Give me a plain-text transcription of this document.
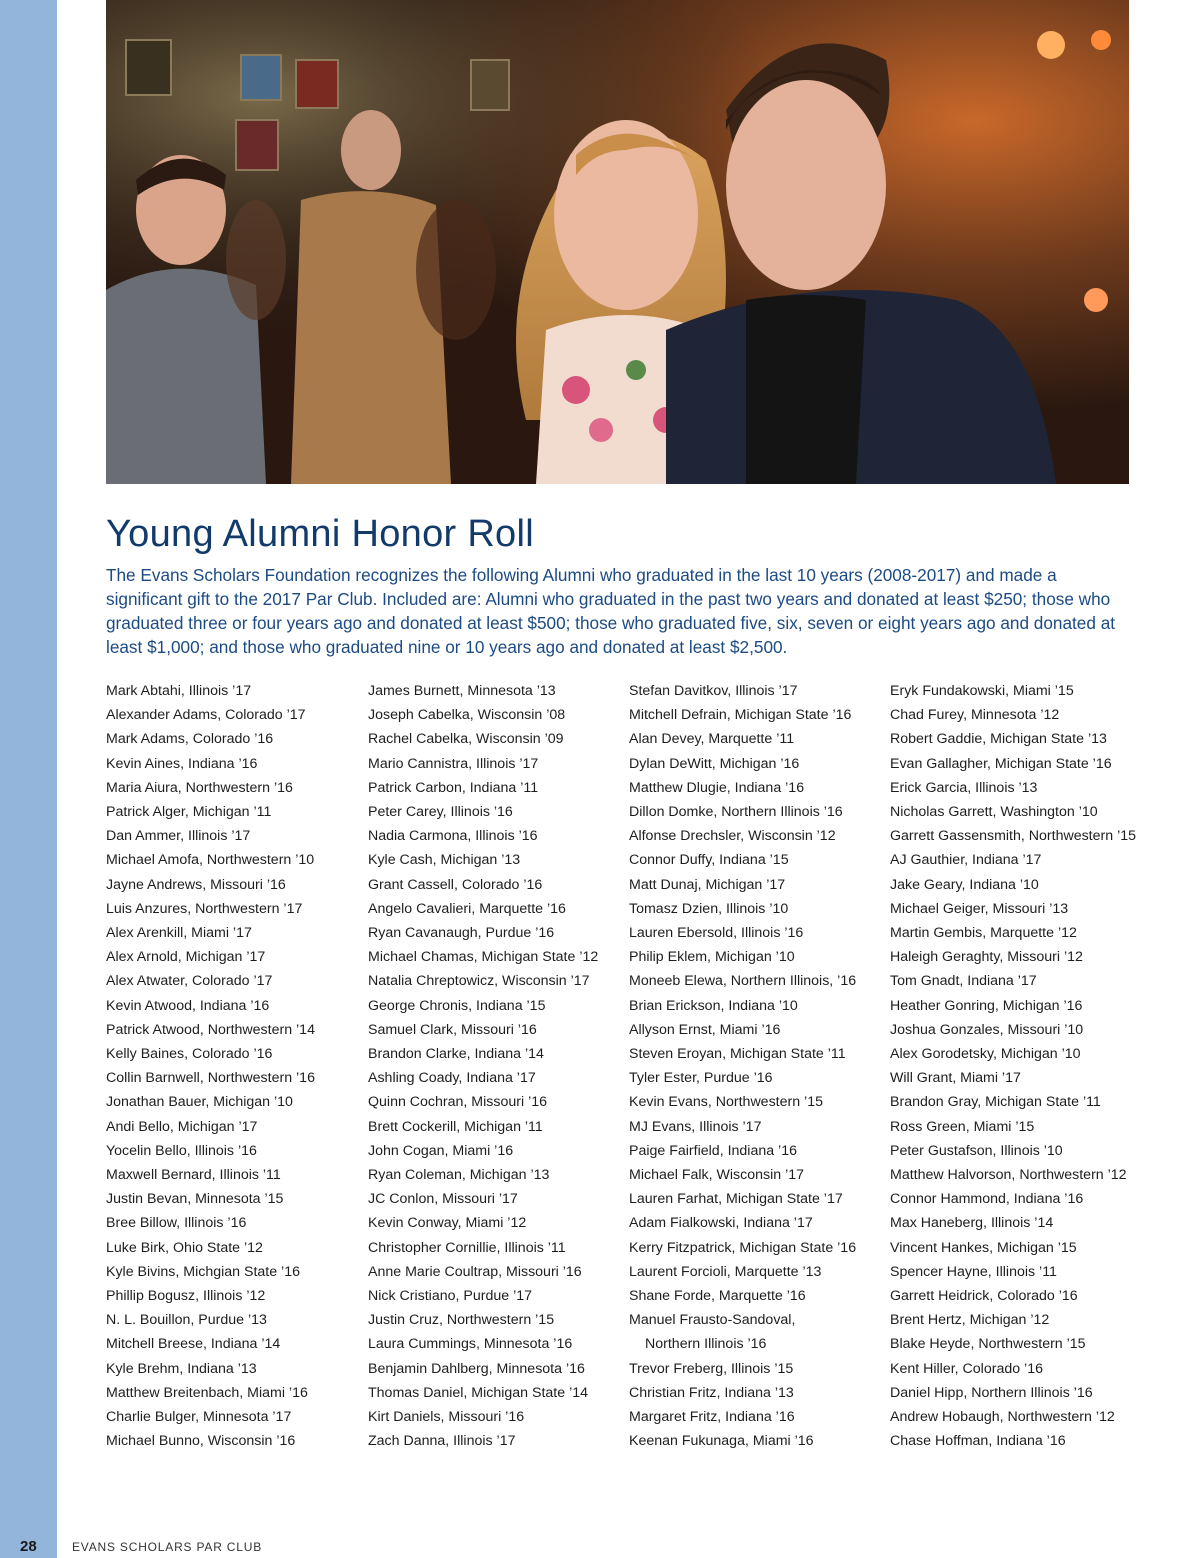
Young Alumni Honor Roll

The Evans Scholars Foundation recognizes the following Alumni who graduated in the last 10 years (2008-2017) and made a significant gift to the 2017 Par Club. Included are: Alumni who graduated in the past two years and donated at least $250; those who graduated three or four years ago and donated at least $500; those who graduated five, six, seven or eight years ago and donated at least $1,000; and those who graduated nine or 10 years ago and donated at least $2,500.

Mark Abtahi, Illinois ’17
Alexander Adams, Colorado ’17
Mark Adams, Colorado ’16
Kevin Aines, Indiana ’16
Maria Aiura, Northwestern ’16
Patrick Alger, Michigan ’11
Dan Ammer, Illinois ’17
Michael Amofa, Northwestern ’10
Jayne Andrews, Missouri ’16
Luis Anzures, Northwestern ’17
Alex Arenkill, Miami ’17
Alex Arnold, Michigan ’17
Alex Atwater, Colorado ’17
Kevin Atwood, Indiana ’16
Patrick Atwood, Northwestern ’14
Kelly Baines, Colorado ’16
Collin Barnwell, Northwestern ’16
Jonathan Bauer, Michigan ’10
Andi Bello, Michigan ’17
Yocelin Bello, Illinois ’16
Maxwell Bernard, Illinois ’11
Justin Bevan, Minnesota ’15
Bree Billow, Illinois ’16
Luke Birk, Ohio State ’12
Kyle Bivins, Michgian State ’16
Phillip Bogusz, Illinois ’12
N. L. Bouillon, Purdue ’13
Mitchell Breese, Indiana ’14
Kyle Brehm, Indiana ’13
Matthew Breitenbach, Miami ’16
Charlie Bulger, Minnesota ’17
Michael Bunno, Wisconsin ’16
James Burnett, Minnesota ’13
Joseph Cabelka, Wisconsin ’08
Rachel Cabelka, Wisconsin ’09
Mario Cannistra, Illinois ’17
Patrick Carbon, Indiana ’11
Peter Carey, Illinois ’16
Nadia Carmona, Illinois ’16
Kyle Cash, Michigan ’13
Grant Cassell, Colorado ’16
Angelo Cavalieri, Marquette ’16
Ryan Cavanaugh, Purdue ’16
Michael Chamas, Michigan State ’12
Natalia Chreptowicz, Wisconsin ’17
George Chronis, Indiana ’15
Samuel Clark, Missouri ’16
Brandon Clarke, Indiana ’14
Ashling Coady, Indiana ’17
Quinn Cochran, Missouri ’16
Brett Cockerill, Michigan ’11
John Cogan, Miami ’16
Ryan Coleman, Michigan ’13
JC Conlon, Missouri ’17
Kevin Conway, Miami ’12
Christopher Cornillie, Illinois ’11
Anne Marie Coultrap, Missouri ’16
Nick Cristiano, Purdue ’17
Justin Cruz, Northwestern ’15
Laura Cummings, Minnesota ’16
Benjamin Dahlberg, Minnesota ’16
Thomas Daniel, Michigan State ’14
Kirt Daniels, Missouri ’16
Zach Danna, Illinois ’17
Stefan Davitkov, Illinois ’17
Mitchell Defrain, Michigan State ’16
Alan Devey, Marquette ’11
Dylan DeWitt, Michigan ’16
Matthew Dlugie, Indiana ’16
Dillon Domke, Northern Illinois ’16
Alfonse Drechsler, Wisconsin ’12
Connor Duffy, Indiana ’15
Matt Dunaj, Michigan ’17
Tomasz Dzien, Illinois ’10
Lauren Ebersold, Illinois ’16
Philip Eklem, Michigan ’10
Moneeb Elewa, Northern Illinois, ’16
Brian Erickson, Indiana ’10
Allyson Ernst, Miami ’16
Steven Eroyan, Michigan State ’11
Tyler Ester, Purdue ’16
Kevin Evans, Northwestern ’15
MJ Evans, Illinois ’17
Paige Fairfield, Indiana ’16
Michael Falk, Wisconsin ’17
Lauren Farhat, Michigan State ’17
Adam Fialkowski, Indiana ’17
Kerry Fitzpatrick, Michigan State ’16
Laurent Forcioli, Marquette ’13
Shane Forde, Marquette ’16
Manuel Frausto-Sandoval,
Northern Illinois ’16
Trevor Freberg, Illinois ’15
Christian Fritz, Indiana ’13
Margaret Fritz, Indiana ’16
Keenan Fukunaga, Miami ’16
Eryk Fundakowski, Miami ’15
Chad Furey, Minnesota ’12
Robert Gaddie, Michigan State ’13
Evan Gallagher, Michigan State ’16
Erick Garcia, Illinois ’13
Nicholas Garrett, Washington ’10
Garrett Gassensmith, Northwestern ’15
AJ Gauthier, Indiana ’17
Jake Geary, Indiana ’10
Michael Geiger, Missouri ’13
Martin Gembis, Marquette ’12
Haleigh Geraghty, Missouri ’12
Tom Gnadt, Indiana ’17
Heather Gonring, Michigan ’16
Joshua Gonzales, Missouri ’10
Alex Gorodetsky, Michigan ’10
Will Grant, Miami ’17
Brandon Gray, Michigan State ’11
Ross Green, Miami ’15
Peter Gustafson, Illinois ’10
Matthew Halvorson, Northwestern ’12
Connor Hammond, Indiana ’16
Max Haneberg, Illinois ’14
Vincent Hankes, Michigan ’15
Spencer Hayne, Illinois ’11
Garrett Heidrick, Colorado ’16
Brent Hertz, Michigan ’12
Blake Heyde, Northwestern ’15
Kent Hiller, Colorado ’16
Daniel Hipp, Northern Illinois ’16
Andrew Hobaugh, Northwestern ’12
Chase Hoffman, Indiana ’16
28	EVANS SCHOLARS PAR CLUB
